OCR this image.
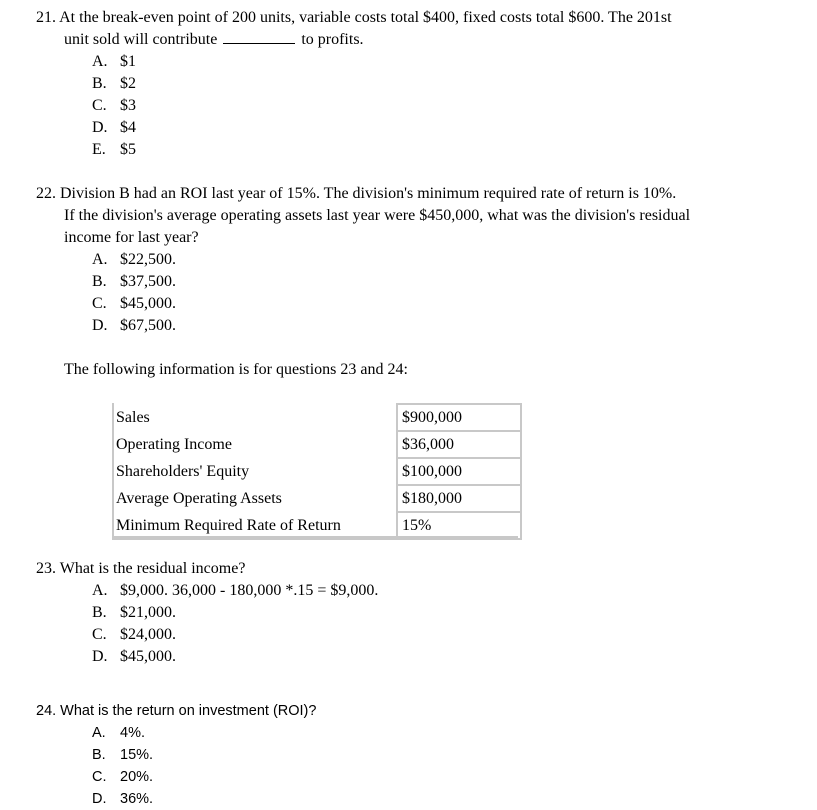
21. At the break-even point of 200 units, variable costs total $400, fixed costs total $600. The 201st
unit sold will contribute	to profits.
A. $1
B. $2
C. $3
D. $4
E. $5
22. Division B had an ROI last year of 15%. The division's minimum required rate of return is 10%.
If the division's average operating assets last year were $450,000, what was the division's residual
income for last year?
A. $22,500.
B. $37,500.
C. $45,000.
D. $67,500.
The following information is for questions 23 and 24:
Sales	$900,000
Operating Income	$36,000
Shareholders' Equity	$100,000
Average Operating Assets	$180,000
Minimum Required Rate of Return	15%
23. What is the residual income?
A. $9,000. 36,000 - 180,000 *.15 = $9,000.
B. $21,000.
C. $24,000.
D. $45,000.
24. What is the return on investment (ROI)?
A. 4%.
B. 15%.
C. 20%.
D. 36%.
